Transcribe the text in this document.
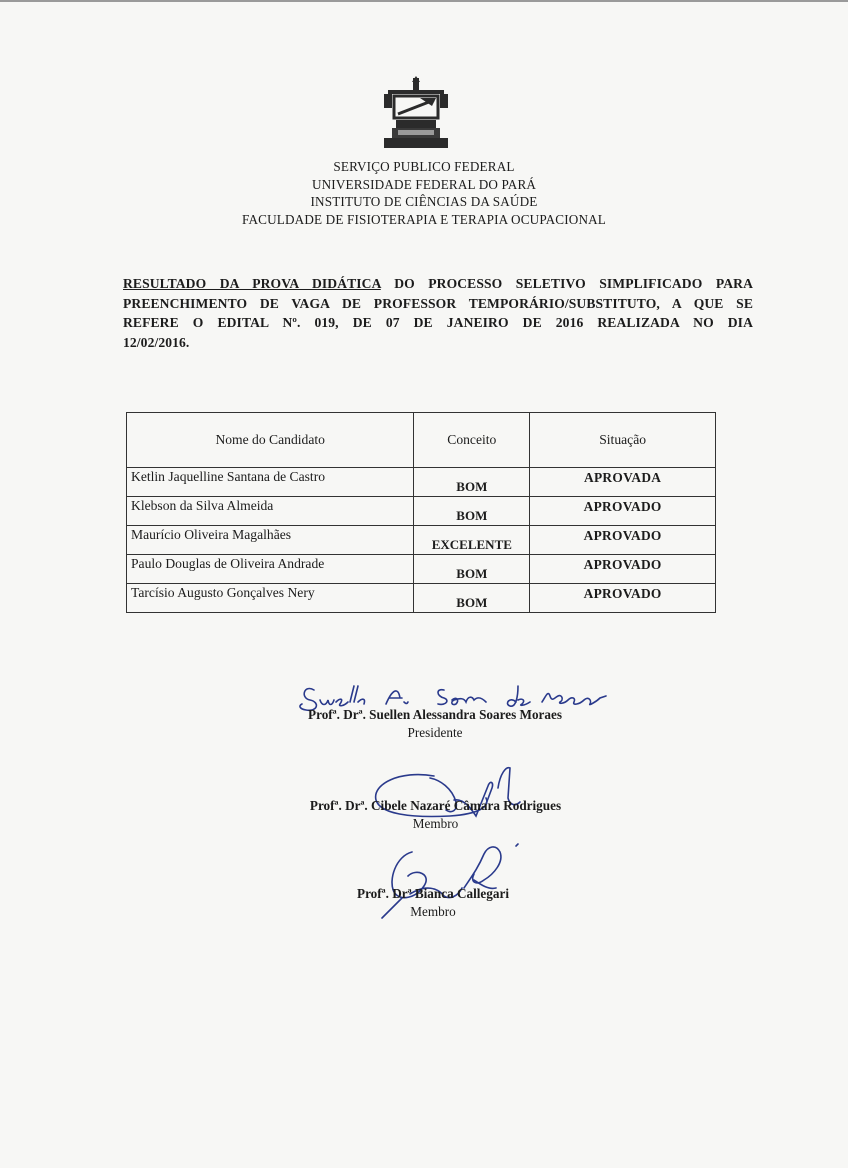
SERVIÇO PUBLICO FEDERAL
UNIVERSIDADE FEDERAL DO PARÁ
INSTITUTO DE CIÊNCIAS DA SAÚDE
FACULDADE DE FISIOTERAPIA E TERAPIA OCUPACIONAL
RESULTADO DA PROVA DIDÁTICA DO PROCESSO SELETIVO SIMPLIFICADO PARA
PREENCHIMENTO DE VAGA DE PROFESSOR TEMPORÁRIO/SUBSTITUTO, A QUE SE
REFERE O EDITAL Nº. 019, DE 07 DE JANEIRO DE 2016 REALIZADA NO DIA
12/02/2016.
Nome do Candidato	Conceito	Situação
Ketlin Jaquelline Santana de Castro	BOM	APROVADA
Klebson da Silva Almeida	BOM	APROVADO
Maurício Oliveira Magalhães	EXCELENTE	APROVADO
Paulo Douglas de Oliveira Andrade	BOM	APROVADO
Tarcísio Augusto Gonçalves Nery	BOM	APROVADO
Profª. Drª. Suellen Alessandra Soares Moraes
Presidente
Profª. Drª. Cibele Nazaré Câmara Rodrigues
Membro
Profª. Drª Bianca Callegari
Membro
